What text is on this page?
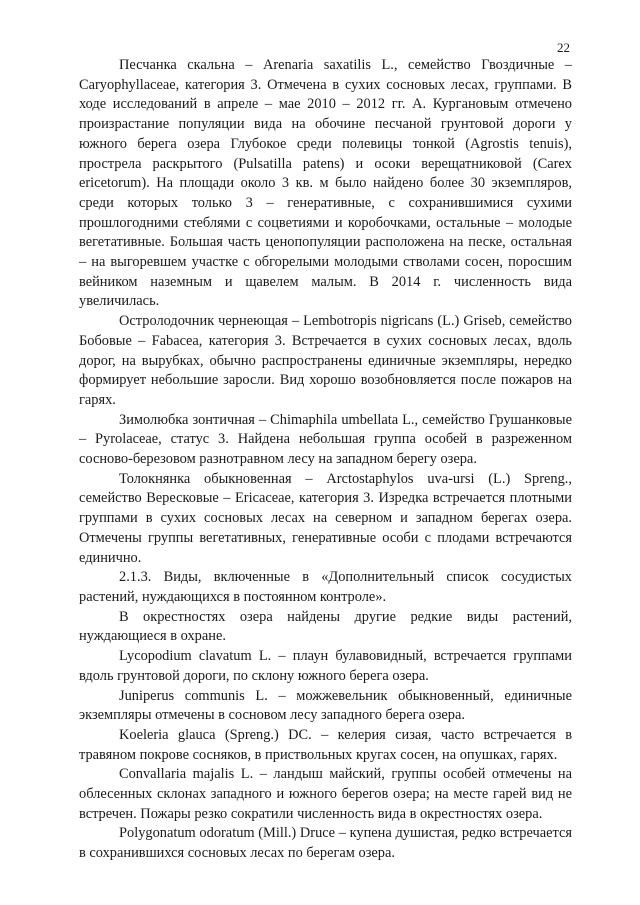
22

Песчанка скальна – Arenaria saxatilis L., семейство Гвоздичные – Caryophyllaceae, категория 3. Отмечена в сухих сосновых лесах, группами. В ходе исследований в апреле – мае 2010 – 2012 гг. А. Кургановым отмечено произрастание популяции вида на обочине песчаной грунтовой дороги у южного берега озера Глубокое среди полевицы тонкой (Agrostis tenuis), прострела раскрытого (Pulsatilla patens) и осоки верещатниковой (Carex ericetorum). На площади около 3 кв. м было найдено более 30 экземпляров, среди которых только 3 – генеративные, с сохранившимися сухими прошлогодними стеблями с соцветиями и коробочками, остальные – молодые вегетативные. Большая часть ценопопуляции расположена на песке, остальная – на выгоревшем участке с обгорелыми молодыми стволами сосен, поросшим вейником наземным и щавелем малым. В 2014 г. численность вида увеличилась.

Остролодочник чернеющая – Lembotropis nigricans (L.) Griseb, семейство Бобовые – Fabacea, категория 3. Встречается в сухих сосновых лесах, вдоль дорог, на вырубках, обычно распространены единичные экземпляры, нередко формирует небольшие заросли. Вид хорошо возобновляется после пожаров на гарях.

Зимолюбка зонтичная – Chimaphila umbellata L., семейство Грушанковые – Pyrolaceae, статус 3. Найдена небольшая группа особей в разреженном сосново-березовом разнотравном лесу на западном берегу озера.

Толокнянка обыкновенная – Arctostaphylos uva-ursi (L.) Spreng., семейство Вересковые – Ericaceae, категория 3. Изредка встречается плотными группами в сухих сосновых лесах на северном и западном берегах озера. Отмечены группы вегетативных, генеративные особи с плодами встречаются единично.

2.1.3. Виды, включенные в «Дополнительный список сосудистых растений, нуждающихся в постоянном контроле».

В окрестностях озера найдены другие редкие виды растений, нуждающиеся в охране.

Lycopodium clavatum L. – плаун булавовидный, встречается группами вдоль грунтовой дороги, по склону южного берега озера.

Juniperus communis L. – можжевельник обыкновенный, единичные экземпляры отмечены в сосновом лесу западного берега озера.

Koeleria glauca (Spreng.) DC. – келерия сизая, часто встречается в травяном покрове сосняков, в приствольных кругах сосен, на опушках, гарях.

Convallaria majalis L. – ландыш майский, группы особей отмечены на облесенных склонах западного и южного берегов озера; на месте гарей вид не встречен. Пожары резко сократили численность вида в окрестностях озера.

Polygonatum odoratum (Mill.) Druce – купена душистая, редко встречается в сохранившихся сосновых лесах по берегам озера.
